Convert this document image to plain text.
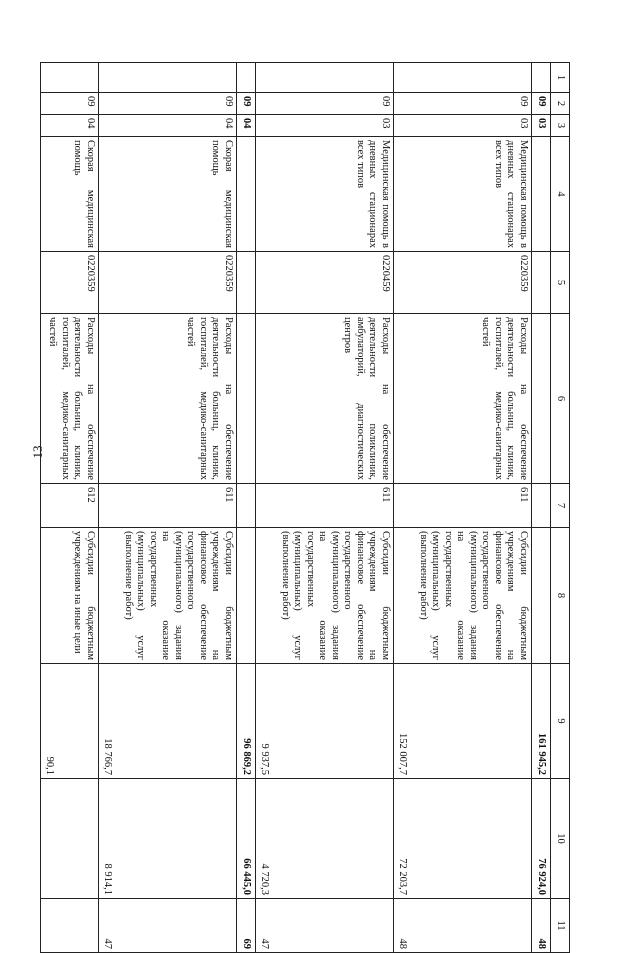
13
1	2	3	4	5	6	7	8	9	10	11
	09	03						161 945,2	76 924,0	48
	09	03	Медицинская помощь в дневных стационарах всех типов	0220359	Расходы на обеспечение деятельности больниц, клиник, госпиталей, медико-санитарных частей	611	Субсидии бюджетным учреждениям на финансовое обеспечение государственного (муниципального) задания на оказание государственных (муниципальных) услуг (выполнение работ)	152 007,7	72 203,7	48
	09	03	Медицинская помощь в дневных стационарах всех типов	0220459	Расходы на обеспечение деятельности поликлиник, амбулаторий, диагностических центров	611	Субсидии бюджетным учреждениям на финансовое обеспечение государственного (муниципального) задания на оказание государственных (муниципальных) услуг (выполнение работ)	9 937,5	4 720,3	47
	09	04						96 869,2	66 445,0	69
	09	04	Скорая медицинская помощь	0220359	Расходы на обеспечение деятельности больниц, клиник, госпиталей, медико-санитарных частей	611	Субсидии бюджетным учреждениям на финансовое обеспечение государственного (муниципального) задания на оказание государственных (муниципальных) услуг (выполнение работ)	18 766,7	8 914,1	47
	09	04	Скорая медицинская помощь	0220359	Расходы на обеспечение деятельности больниц, клиник, госпиталей, медико-санитарных частей	612	Субсидии бюджетным учреждениям на иные цели	90,1		
